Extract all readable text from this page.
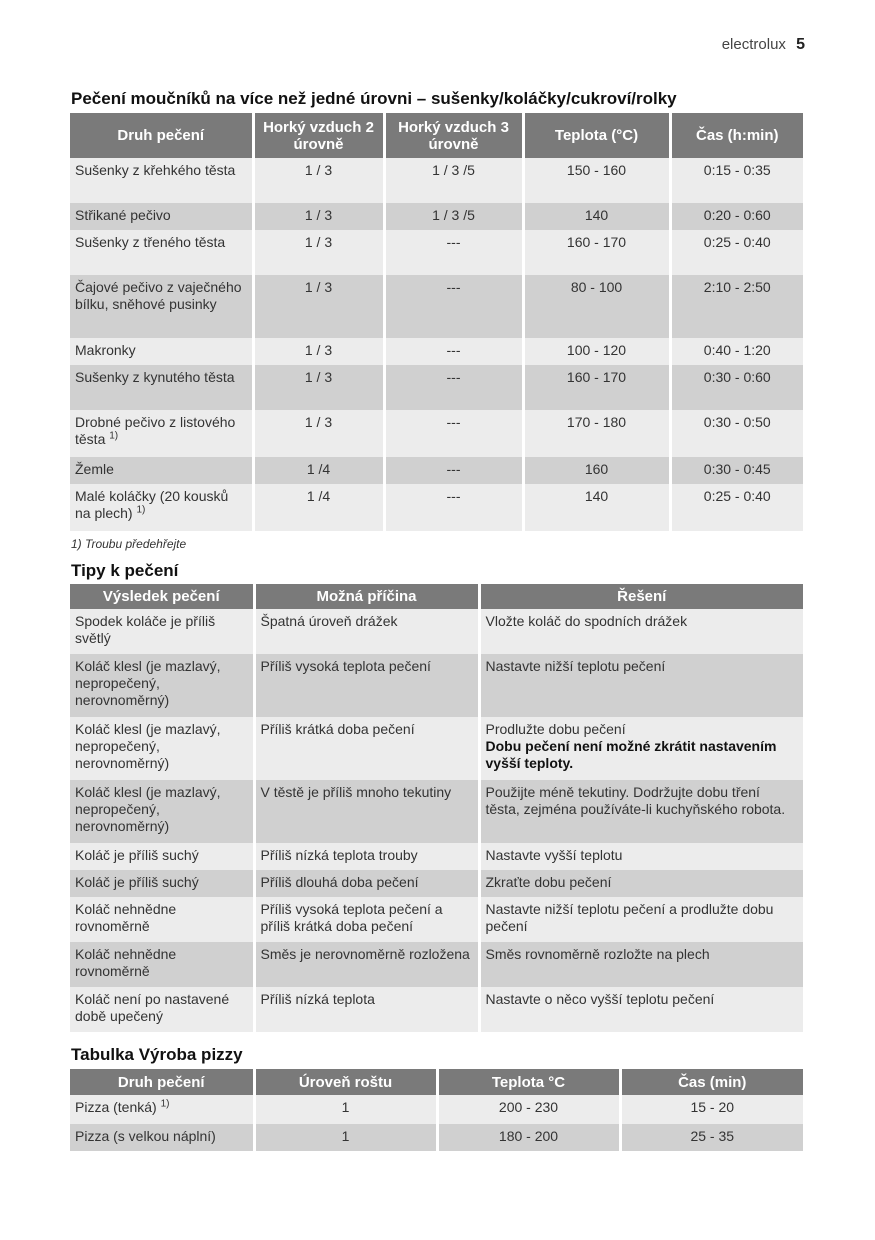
electrolux 5
Pečení moučníků na více než jedné úrovni – sušenky/koláčky/cukroví/rolky
Druh pečení	Horký vzduch 2 úrovně	Horký vzduch 3 úrovně	Teplota (°C)	Čas (h:min)
Sušenky z křehkého těsta	1 / 3	1 / 3 /5	150 - 160	0:15 - 0:35
Střikané pečivo	1 / 3	1 / 3 /5	140	0:20 - 0:60
Sušenky z třeného těsta	1 / 3	---	160 - 170	0:25 - 0:40
Čajové pečivo z vaječného bílku, sněhové pusinky	1 / 3	---	80 - 100	2:10 - 2:50
Makronky	1 / 3	---	100 - 120	0:40 - 1:20
Sušenky z kynutého těsta	1 / 3	---	160 - 170	0:30 - 0:60
Drobné pečivo z listového těsta $^{1)}$	1 / 3	---	170 - 180	0:30 - 0:50
Žemle	1 /4	---	160	0:30 - 0:45
Malé koláčky (20 kousků na plech) $^{1)}$	1 /4	---	140	0:25 - 0:40
1) Troubu předehřejte
Tipy k pečení
Výsledek pečení	Možná příčina	Řešení
Spodek koláče je příliš světlý	Špatná úroveň drážek	Vložte koláč do spodních drážek

Koláč klesl (je mazlavý, nepropečený, nerovnoměrný)	Příliš vysoká teplota pečení	Nastavte nižší teplotu pečení

Koláč klesl (je mazlavý, nepropečený, nerovnoměrný)	Příliš krátká doba pečení	Prodlužte dobu pečení
Dobu pečení není možné zkrátit nastavením vyšší teploty.

Koláč klesl (je mazlavý, nepropečený, nerovnoměrný)	V těstě je příliš mnoho tekutiny	Použijte méně tekutiny. Dodržujte dobu tření těsta, zejména používáte-li kuchyňského robota.

Koláč je příliš suchý	Příliš nízká teplota trouby	Nastavte vyšší teplotu

Koláč je příliš suchý	Příliš dlouhá doba pečení	Zkraťte dobu pečení

Koláč nehnědne rovnoměrně	Příliš vysoká teplota pečení a příliš krátká doba pečení	Nastavte nižší teplotu pečení a prodlužte dobu pečení

Koláč nehnědne rovnoměrně	Směs je nerovnoměrně rozložena	Směs rovnoměrně rozložte na plech

Koláč není po nastavené době upečený	Příliš nízká teplota	Nastavte o něco vyšší teplotu pečení
Tabulka Výroba pizzy
Druh pečení	Úroveň roštu	Teplota °C	Čas (min)
Pizza (tenká) $^{1)}$	1	200 - 230	15 - 20
Pizza (s velkou náplní)	1	180 - 200	25 - 35
